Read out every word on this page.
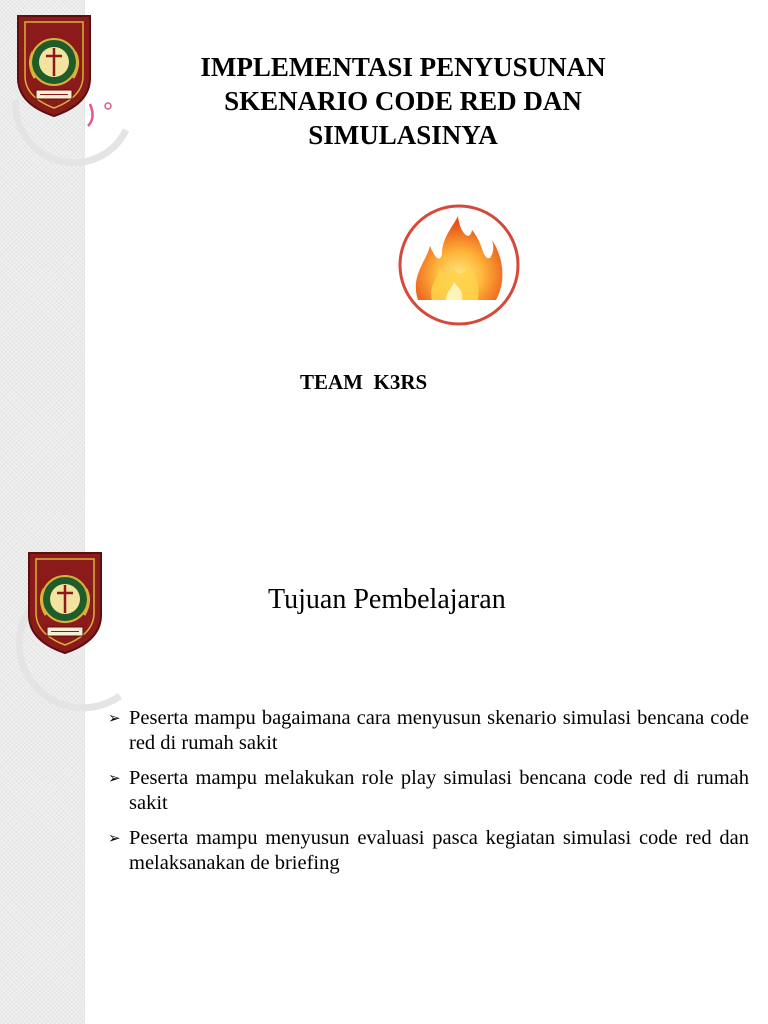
IMPLEMENTASI PENYUSUNAN
SKENARIO CODE RED DAN
SIMULASINYA

TEAM  K3RS

Tujuan Pembelajaran
➢ Peserta mampu bagaimana cara menyusun skenario simulasi bencana code red di rumah sakit
➢ Peserta mampu melakukan role play simulasi bencana code red di rumah sakit
➢ Peserta mampu menyusun evaluasi pasca kegiatan simulasi code red dan melaksanakan de briefing
